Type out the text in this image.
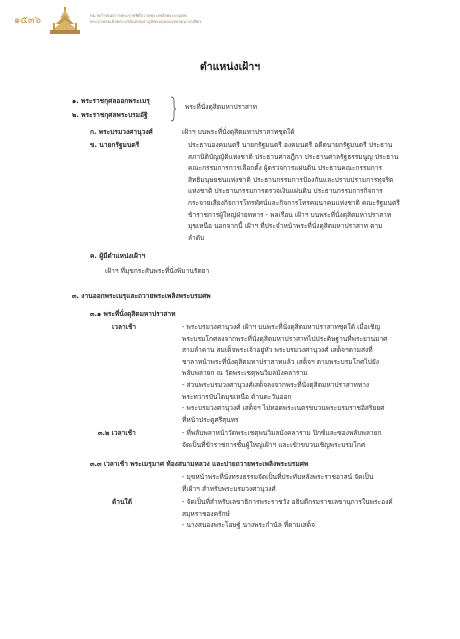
๑๕๓๖	หมายกำหนดการพระราชพิธีถวายพระเพลิงพระบรมศพ
พระบาทสมเด็จพระปรมินทรมหาภูมิพลอดุลยเดชบรมนาถบพิตร
ตำแหน่งเฝ้าฯ
๑. พระราชกุศลออกพระเมรุ
๒. พระราชกุศลพระบรมอัฐิ
พระที่นั่งดุสิตมหาปราสาท
ก. พระบรมวงศานุวงศ์	เฝ้าฯ บนพระที่นั่งดุสิตมหาปราสาทชุดใด้
ข. นายกรัฐมนตรี	ประธานองคมนตรี นายกรัฐมนตรี องคมนตรี อดีตนายกรัฐมนตรี ประธาน
สภานิติบัญญัติแห่งชาติ ประธานศาลฎีกา ประธานศาลรัฐธรรมนูญ ประธาน
คณะกรรมการการเลือกตั้ง ผู้ตรวจการแผ่นดิน ประธานคณะกรรมการ
สิทธิมนุษยชนแห่งชาติ ประธานกรรมการป้องกันและปราบปรามการทุจริต
แห่งชาติ ประธานกรรมการตรวจเงินแผ่นดิน ประธานกรรมการกิจการ
กระจายเสียงกิจการโทรทัศน์และกิจการโทรคมนาคมแห่งชาติ คณะรัฐมนตรี
ข้าราชการผู้ใหญ่ฝ่ายทหาร - พลเรือน เฝ้าฯ บนพระที่นั่งดุสิตมหาปราสาท
มุขเหนือ นอกจากนี้ เฝ้าฯ ที่ประจำหน้าพระที่นั่งดุสิตมหาปราสาท ตาม
ลำดับ
ค. ผู้มีตำแหน่งเฝ้าฯ
เฝ้าฯ ที่มุขกระสันพระที่นั่งพิมานรัตยา
๓. งานออกพระเมรุและถวายพระเพลิงพระบรมศพ
๓.๑ พระที่นั่งดุสิตมหาปราสาท
เวลาเช้า	- พระบรมวงศานุวงศ์ เฝ้าฯ บนพระที่นั่งดุสิตมหาปราสาทชุดใด้ เมื่อเชิญ
พระบรมโกศลงจากพระที่นั่งดุสิตมหาปราสาทไปประดิษฐานที่พระยานมาศ
สามลำคาน สมเด็จพระเจ้าอยู่หัว พระบรมวงศานุวงศ์ เสด็จฯตามส่งที่
ชาลาหน้าพระที่นั่งดุสิตมหาปราสาทแล้ว เสด็จฯ ตามพระบรมโกศไปยัง
พลับพลายก ณ วัดพระเชตุพนวิมลมังคลาราม
- ส่วนพระบรมวงศานุวงศ์เสด็จลงจากพระที่นั่งดุสิตมหาปราสาททาง
พระทวารบันไดมุขเหนือ ด้านตะวันออก
- พระบรมวงศานุวงศ์ เสด็จฯ ไปทอดพระเนตรขบวนพระบรมราชอิสริยยศ
ที่หน้าประตูศรีสุนทร
๓.๒ เวลาเช้า	- ที่พลับพลาหน้าวัดพระเชตุพนวิมลมังคลาราม ปิกซ์และซองพลับพลายก
จัดเป็นที่ข้าราชการชั้นผู้ใหญ่เฝ้าฯ และเข้าขบวนเชิญพระบรมโกศ
๓.๓ เวลาเช้า พระเมรุมาศ ท้องสนามหลวง และบ่ายถวายพระเพลิงพระบรมศพ
- มุขหน้าพระที่นั่งทรงธรรมจัดเป็นที่ประทับหลังพระราชอาสน์ จัดเป็น
ที่เฝ้าฯ สำหรับพระบรมวงศานุวงศ์
ด้านใต้	- จัดเป็นที่สำหรับเลขาธิการพระราชวัง อธิบดีกรมราชเลขานุการในพระองค์
สมุหราชองครักษ์
- นางสนองพระโอษฐ์ นางพระกำนัล ที่ตามเสด็จ
